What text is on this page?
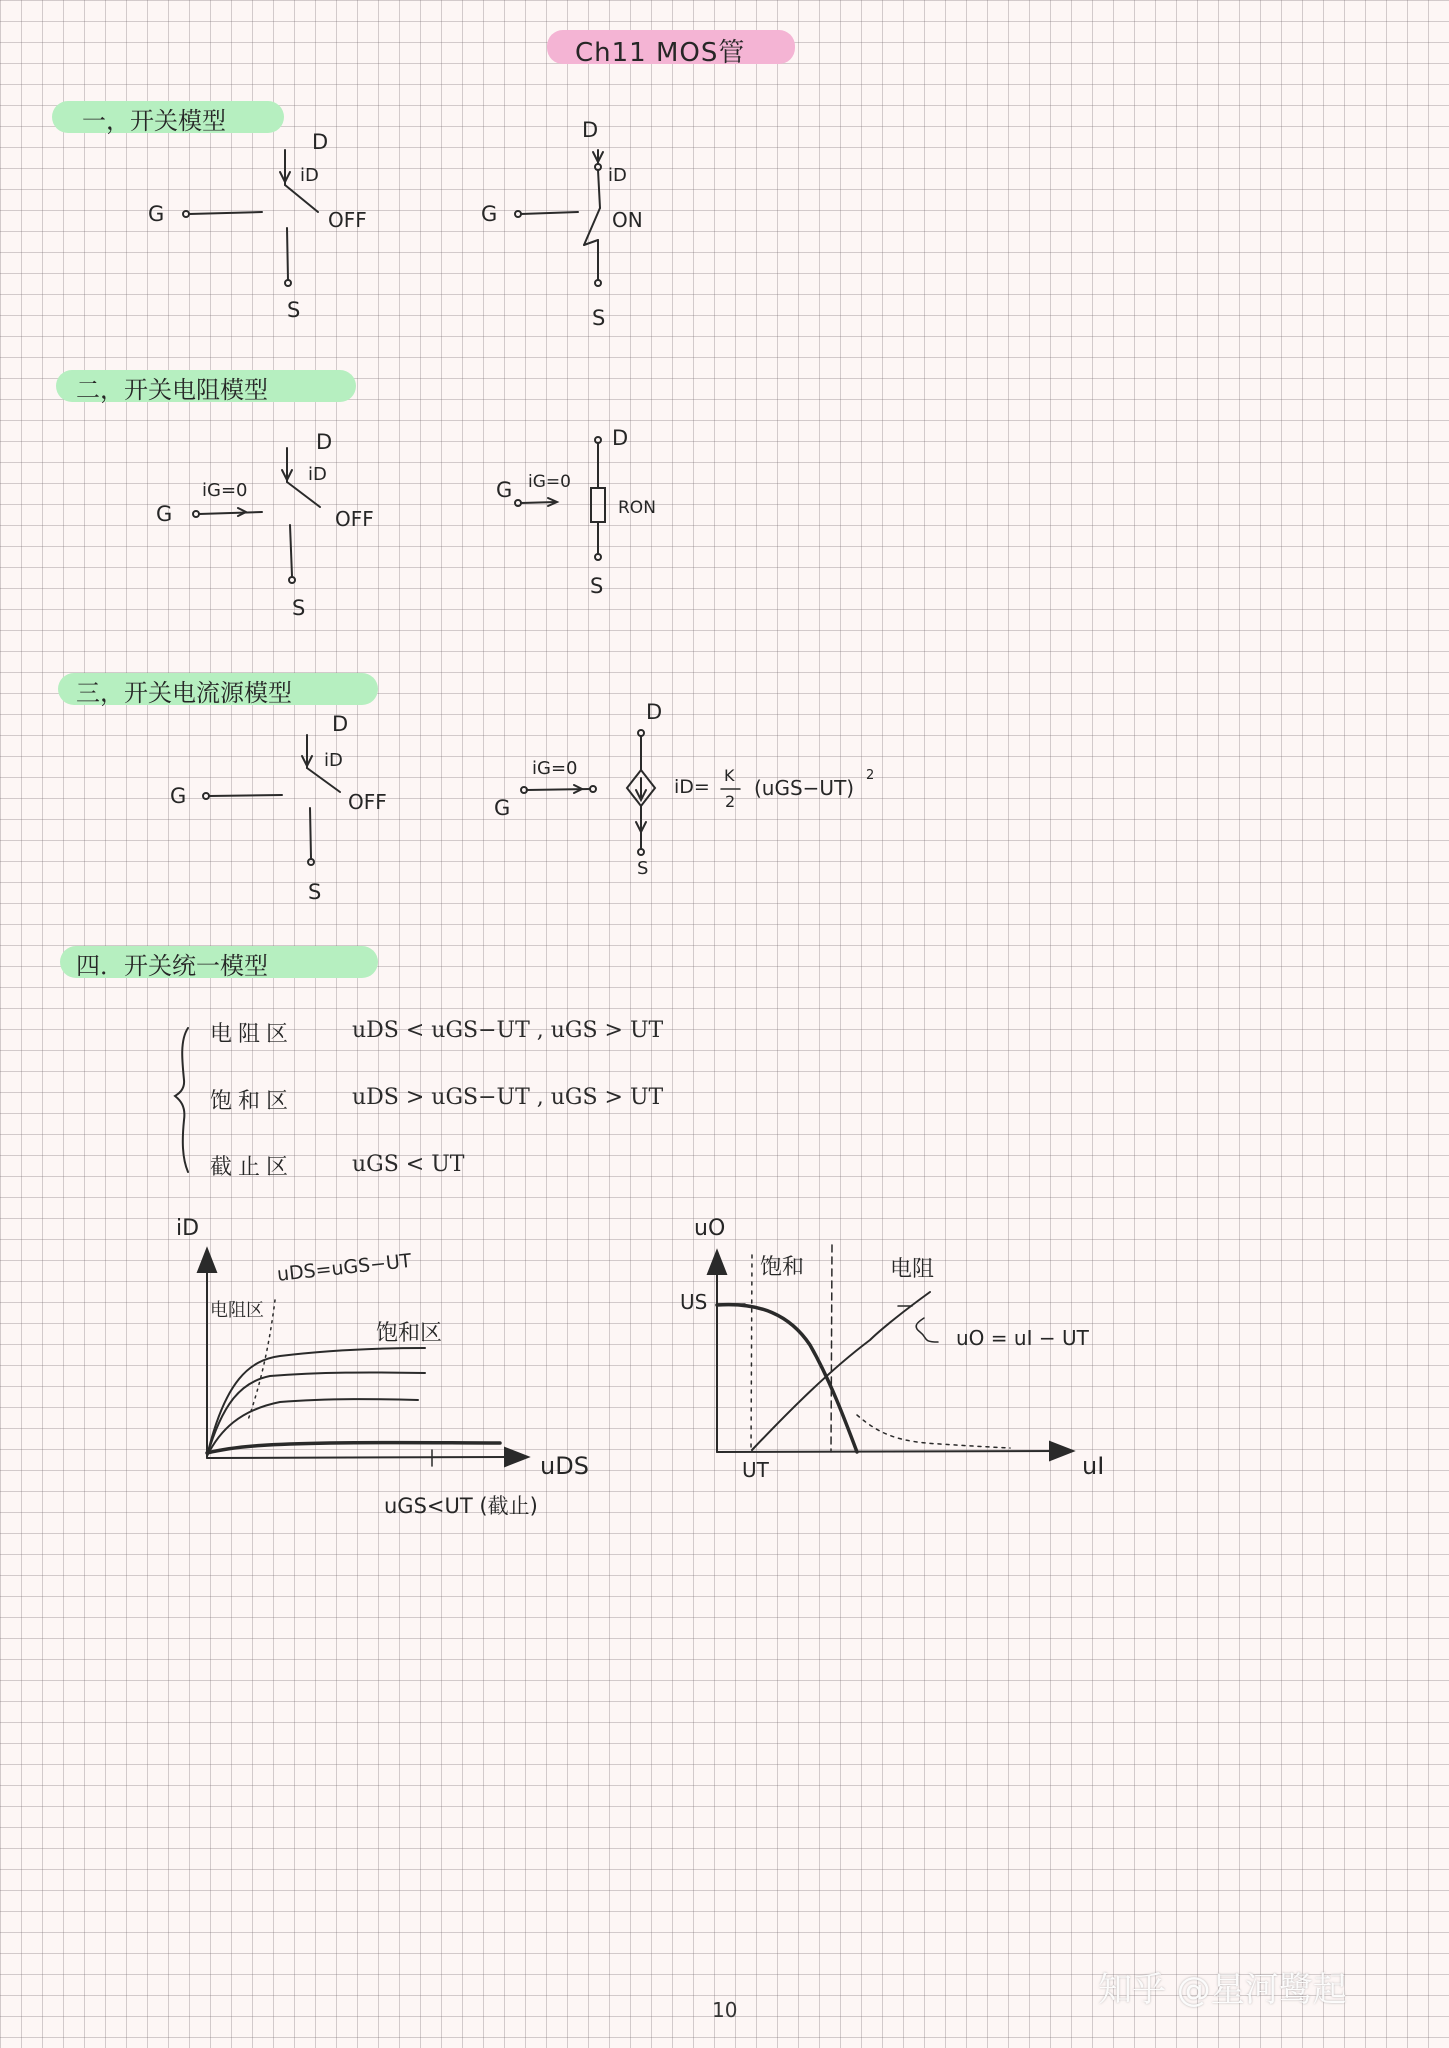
Ch11 MOS管
一，开关模型
二，开关电阻模型
三，开关电流源模型
四．开关统一模型
D
iD
G	OFF
S
D
iD
G	ON
S
D
iD
iG=0
G	OFF
S
D
iG=0
G
RON
S
D
iD
G	OFF
S
D
iG=0
G
S
iD=
K
2
(uGS−UT)
2
电阻区	uDS < uGS−UT , uGS > UT
饱和区	uDS > uGS−UT , uGS > UT
截止区	uGS < UT
iD
uDS
uDS=uGS−UT
电阻区
饱和区
uGS<UT (截止)
uO
uI
US
UT
饱和	电阻
uO = uI − UT
10	知乎 @星河鹭起
